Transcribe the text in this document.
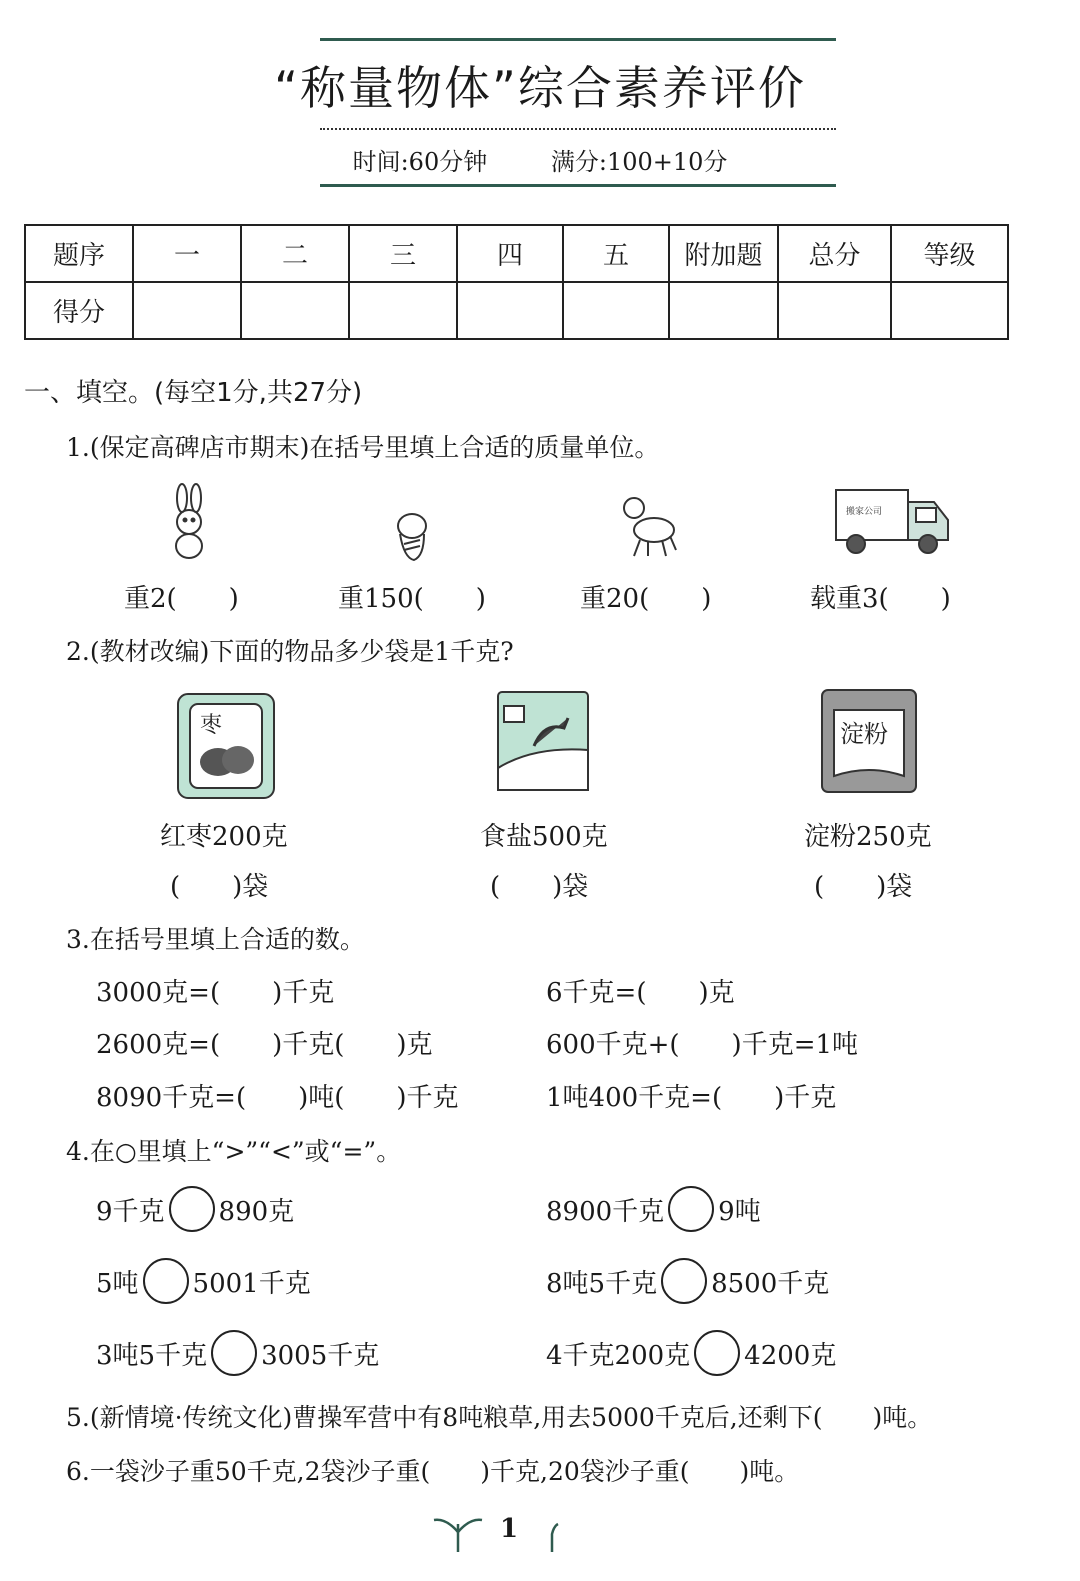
“称量物体”综合素养评价
时间:60分钟	满分:100+10分
题序	一	二	三	四	五	附加题	总分	等级
得分								
一、填空。(每空1分,共27分)
1.(保定高碑店市期末)在括号里填上合适的质量单位。
搬家公司
重2(　　)	重150(　　)	重20(　　)	载重3(　　)
2.(教材改编)下面的物品多少袋是1千克?
枣	淀粉
红枣200克	食盐500克	淀粉250克
(　　)袋	(　　)袋	(　　)袋
3.在括号里填上合适的数。
3000克=(　　)千克
2600克=(　　)千克(　　)克
8090千克=(　　)吨(　　)千克
6千克=(　　)克
600千克+(　　)千克=1吨
1吨400千克=(　　)千克
4.在○里填上“>”“<”或“=”。
9千克 890克
5吨 5001千克
3吨5千克 3005千克
8900千克 9吨
8吨5千克 8500千克
4千克200克 4200克
5.(新情境·传统文化)曹操军营中有8吨粮草,用去5000千克后,还剩下(　　)吨。
6.一袋沙子重50千克,2袋沙子重(　　)千克,20袋沙子重(　　)吨。
1
